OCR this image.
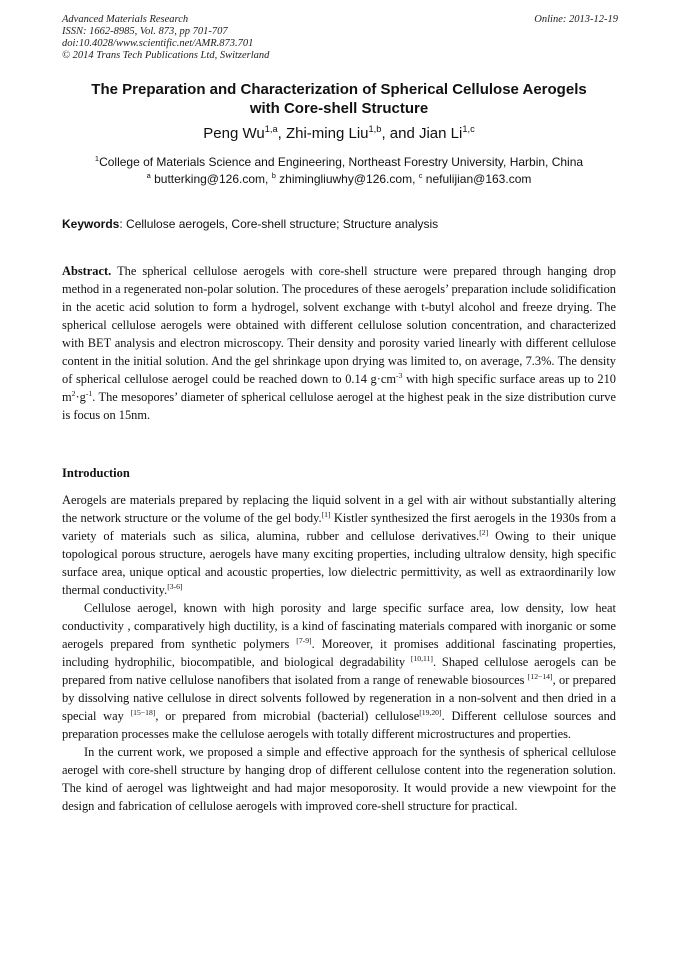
Advanced Materials Research
ISSN: 1662-8985, Vol. 873, pp 701-707
doi:10.4028/www.scientific.net/AMR.873.701
© 2014 Trans Tech Publications Ltd, Switzerland
Online: 2013-12-19
The Preparation and Characterization of Spherical Cellulose Aerogels
with Core-shell Structure
Peng Wu$^{1,a}$, Zhi-ming Liu$^{1,b}$, and Jian Li$^{1,c}$
$^1$College of Materials Science and Engineering, Northeast Forestry University, Harbin, China
$^a$ butterking@126.com, $^b$ zhimingliuwhy@126.com, $^c$ nefulijian@163.com
Keywords: Cellulose aerogels, Core-shell structure; Structure analysis
Abstract. The spherical cellulose aerogels with core-shell structure were prepared through hanging drop method in a regenerated non-polar solution. The procedures of these aerogels’ preparation include solidification in the acetic acid solution to form a hydrogel, solvent exchange with t-butyl alcohol and freeze drying. The spherical cellulose aerogels were obtained with different cellulose solution concentration, and characterized with BET analysis and electron microscopy. Their density and porosity varied linearly with different cellulose content in the initial solution. And the gel shrinkage upon drying was limited to, on average, 7.3%. The density of spherical cellulose aerogel could be reached down to 0.14 $g\cdot cm^{-3}$ with high specific surface areas up to 210 $m^2\cdot g^{-1}$. The mesopores’ diameter of spherical cellulose aerogel at the highest peak in the size distribution curve is focus on 15nm.
Introduction

Aerogels are materials prepared by replacing the liquid solvent in a gel with air without substantially altering the network structure or the volume of the gel body.[1] Kistler synthesized the first aerogels in the 1930s from a variety of materials such as silica, alumina, rubber and cellulose derivatives.[2] Owing to their unique topological porous structure, aerogels have many exciting properties, including ultralow density, high specific surface area, unique optical and acoustic properties, low dielectric permittivity, as well as extraordinarily low thermal conductivity.[3-6]

Cellulose aerogel, known with high porosity and large specific surface area, low density, low heat conductivity , comparatively high ductility, is a kind of fascinating materials compared with inorganic or some aerogels prepared from synthetic polymers [7-9]. Moreover, it promises additional fascinating properties, including hydrophilic, biocompatible, and biological degradability [10,11]. Shaped cellulose aerogels can be prepared from native cellulose nanofibers that isolated from a range of renewable biosources [12−14], or prepared by dissolving native cellulose in direct solvents followed by regeneration in a non-solvent and then dried in a special way [15−18], or prepared from microbial (bacterial) cellulose[19,20]. Different cellulose sources and preparation processes make the cellulose aerogels with totally different microstructures and properties.

In the current work, we proposed a simple and effective approach for the synthesis of spherical cellulose aerogel with core-shell structure by hanging drop of different cellulose content into the regeneration solution. The kind of aerogel was lightweight and had major mesoporosity. It would provide a new viewpoint for the design and fabrication of cellulose aerogels with improved core-shell structure for practical.
